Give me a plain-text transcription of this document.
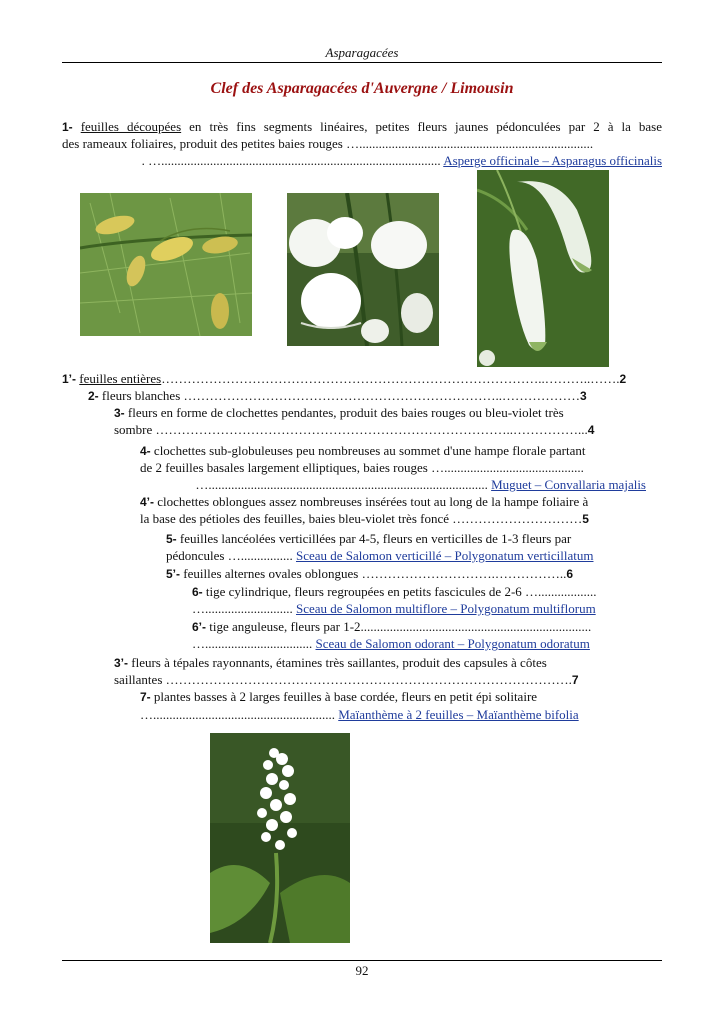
Asparagacées
Clef des Asparagacées d'Auvergne / Limousin
1- feuilles découpées en très fins segments linéaires, petites fleurs jaunes pédonculées par 2 à la base
des rameaux foliaires, produit des petites baies rouges …........................................................................
. …...................................................................................... Asperge officinale – Asparagus officinalis
1’- feuilles entières……………………………………………………………………………..………..…….2
2- fleurs blanches ………………………………………………………………..………………3
3- fleurs en forme de clochettes pendantes, produit des baies rouges ou bleu-violet très
sombre ………………………………………………………………………..……………...4
4- clochettes sub-globuleuses peu nombreuses au sommet d'une hampe florale partant
de 2 feuilles basales largement elliptiques, baies rouges …...........................................
…...................................................................................... Muguet – Convallaria majalis
4’- clochettes oblongues assez nombreuses insérées tout au long de la hampe foliaire à
la base des pétioles des feuilles, baies bleu-violet très foncé …………………………5
5- feuilles lancéolées verticillées par 4-5, fleurs en verticilles de 1-3 fleurs par
pédoncules …................ Sceau de Salomon verticillé – Polygonatum verticillatum
5’- feuilles alternes ovales oblongues ………………………….……………..6
6- tige cylindrique, fleurs regroupées en petits fascicules de 2-6 …..................
…........................... Sceau de Salomon multiflore – Polygonatum multiflorum
6’- tige anguleuse, fleurs par 1-2.......................................................................
…................................. Sceau de Salomon odorant – Polygonatum odoratum
3’- fleurs à tépales rayonnants, étamines très saillantes, produit des capsules à côtes
saillantes ………………………………………………………………………………….7
7- plantes basses à 2 larges feuilles à base cordée, fleurs en petit épi solitaire
…........................................................ Maïanthème à 2 feuilles – Maïanthème bifolia
92
